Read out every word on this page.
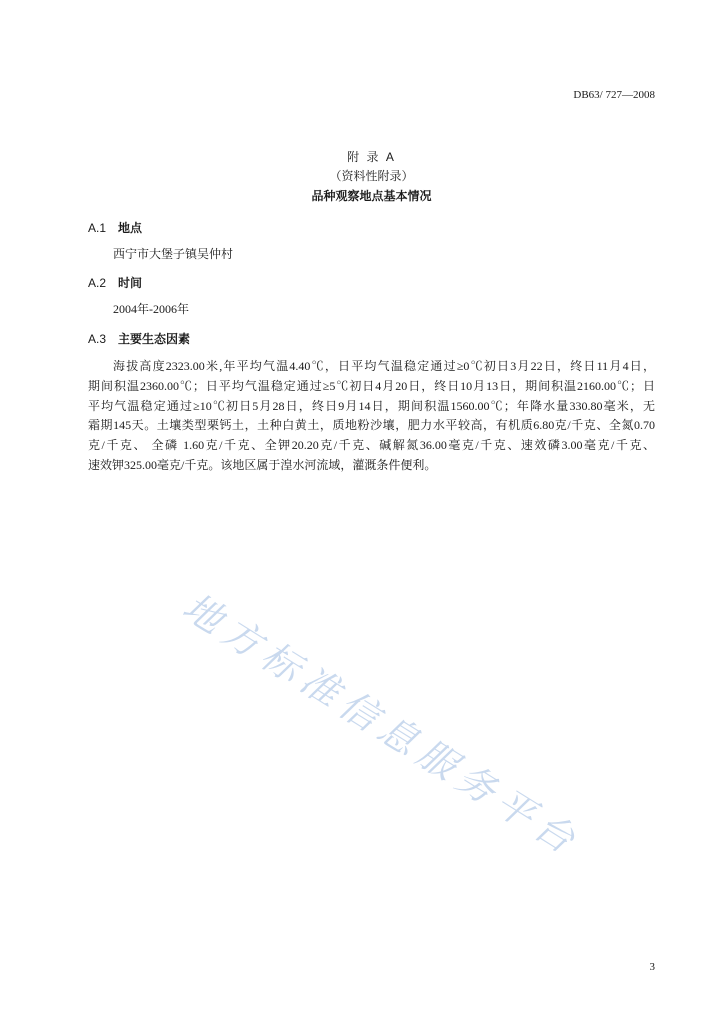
DB63/ 727—2008
附 录 A
（资料性附录）
品种观察地点基本情况
A.1 地点
西宁市大堡子镇吴仲村
A.2 时间
2004年-2006年
A.3 主要生态因素
海拔高度2323.00米,年平均气温4.40℃，日平均气温稳定通过≥0℃初日3月22日，终日11月4日，
期间积温2360.00℃；日平均气温稳定通过≥5℃初日4月20日，终日10月13日，期间积温2160.00℃；日
平均气温稳定通过≥10℃初日5月28日，终日9月14日，期间积温1560.00℃；年降水量330.80毫米，无
霜期145天。土壤类型栗钙土，土种白黄土，质地粉沙壤，肥力水平较高，有机质6.80克/千克、全氮0.70
克/千克、 全磷 1.60克/千克、全钾20.20克/千克、碱解氮36.00毫克/千克、速效磷3.00毫克/千克、
速效钾325.00毫克/千克。该地区属于湟水河流域，灌溉条件便利。
地方标准信息服务平台
3
